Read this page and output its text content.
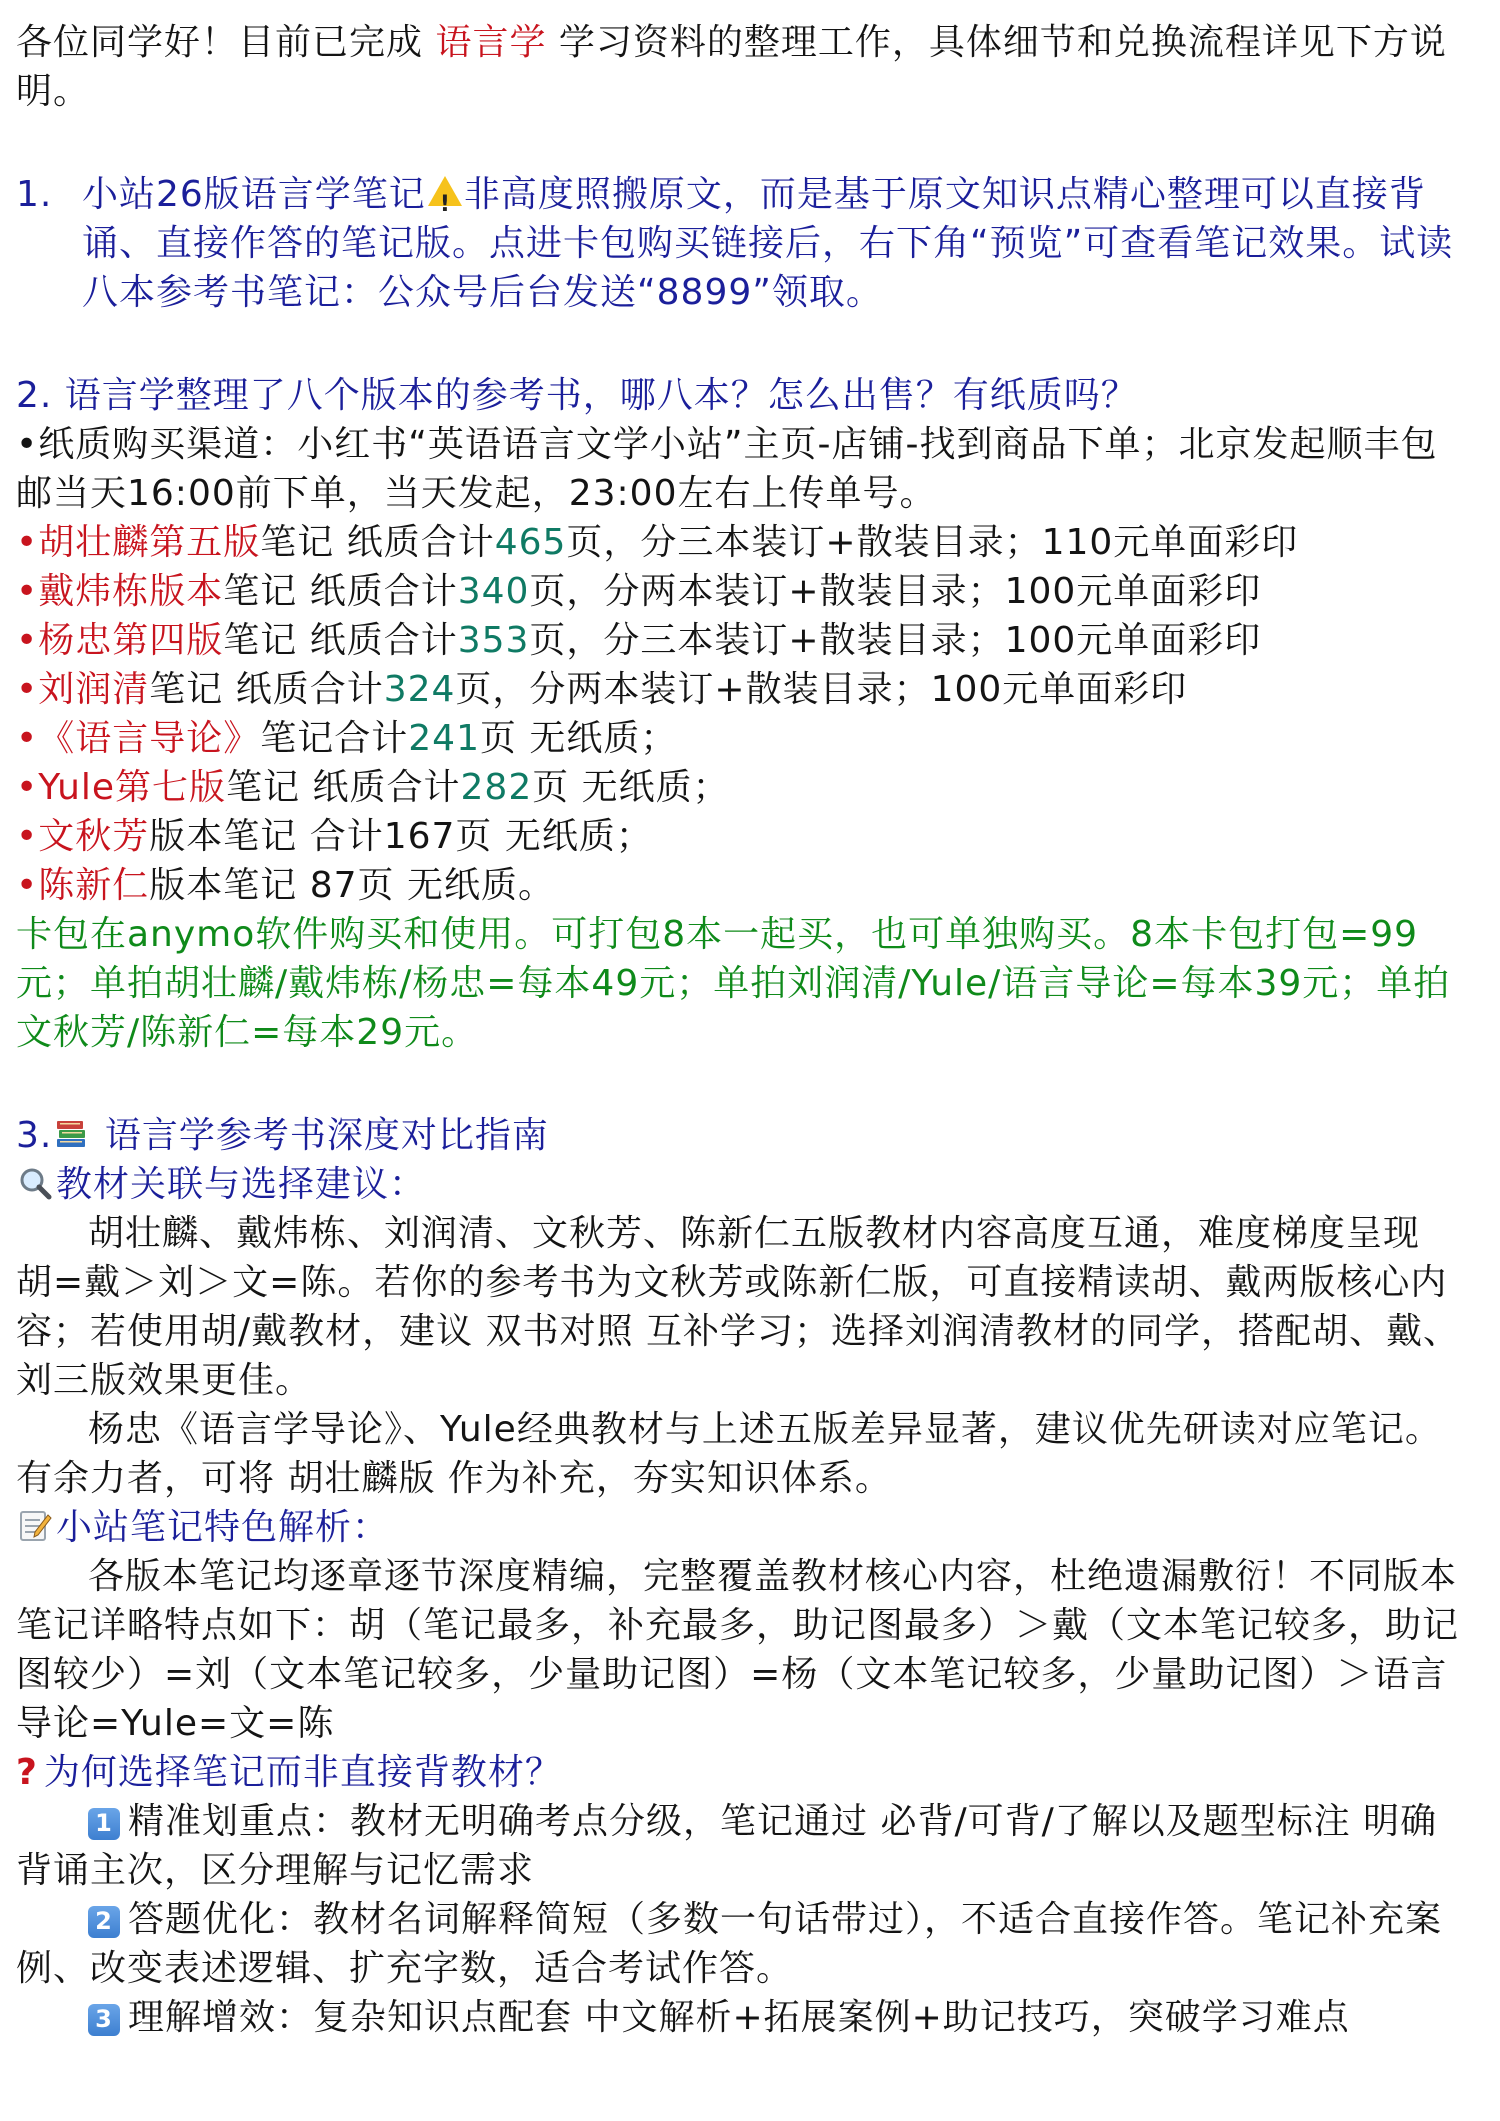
各位同学好！目前已完成 语言学 学习资料的整理工作，具体细节和兑换流程详见下方说明。

1. 小站26版语言学笔记! 非高度照搬原文，而是基于原文知识点精心整理可以直接背诵、直接作答的笔记版。点进卡包购买链接后，右下角“预览”可查看笔记效果。试读八本参考书笔记：公众号后台发送“8899”领取。

2. 语言学整理了八个版本的参考书，哪八本？怎么出售？有纸质吗？

•纸质购买渠道：小红书“英语语言文学小站”主页-店铺-找到商品下单；北京发起顺丰包邮当天16:00前下单，当天发起，23:00左右上传单号。

•胡壮麟第五版笔记 纸质合计465页，分三本装订+散装目录；110元单面彩印

•戴炜栋版本笔记 纸质合计340页，分两本装订+散装目录；100元单面彩印

•杨忠第四版笔记 纸质合计353页，分三本装订+散装目录；100元单面彩印

•刘润清笔记 纸质合计324页，分两本装订+散装目录；100元单面彩印

•《语言导论》笔记合计241页 无纸质；

•Yule第七版笔记 纸质合计282页 无纸质；

•文秋芳版本笔记 合计167页 无纸质；

•陈新仁版本笔记 87页 无纸质。

卡包在anymo软件购买和使用。可打包8本一起买，也可单独购买。8本卡包打包=99元；单拍胡壮麟/戴炜栋/杨忠=每本49元；单拍刘润清/Yule/语言导论=每本39元；单拍文秋芳/陈新仁=每本29元。

3. 语言学参考书深度对比指南

教材关联与选择建议：

胡壮麟、戴炜栋、刘润清、文秋芳、陈新仁五版教材内容高度互通，难度梯度呈现 胡=戴＞刘＞文=陈。若你的参考书为文秋芳或陈新仁版，可直接精读胡、戴两版核心内容；若使用胡/戴教材，建议 双书对照 互补学习；选择刘润清教材的同学，搭配胡、戴、刘三版效果更佳。

杨忠《语言学导论》、Yule经典教材与上述五版差异显著，建议优先研读对应笔记。有余力者，可将 胡壮麟版 作为补充，夯实知识体系。

小站笔记特色解析：

各版本笔记均逐章逐节深度精编，完整覆盖教材核心内容，杜绝遗漏敷衍！不同版本笔记详略特点如下：胡（笔记最多，补充最多，助记图最多）＞戴（文本笔记较多，助记图较少）=刘（文本笔记较多，少量助记图）=杨（文本笔记较多，少量助记图）＞语言导论=Yule=文=陈

? 为何选择笔记而非直接背教材？

1 精准划重点：教材无明确考点分级，笔记通过 必背/可背/了解以及题型标注 明确背诵主次，区分理解与记忆需求

2 答题优化：教材名词解释简短（多数一句话带过），不适合直接作答。笔记补充案例、改变表述逻辑、扩充字数，适合考试作答。

3 理解增效：复杂知识点配套 中文解析+拓展案例+助记技巧，突破学习难点
